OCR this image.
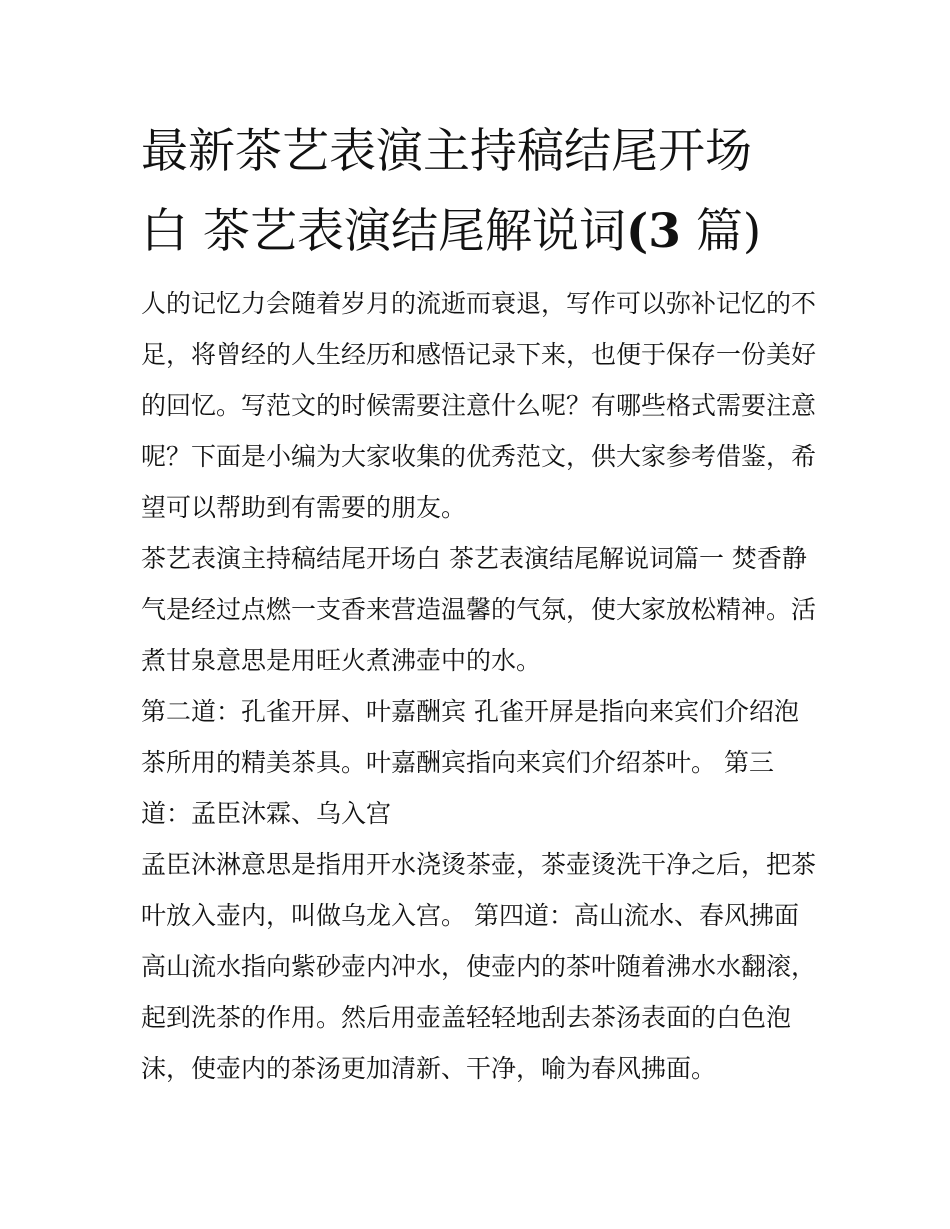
最新茶艺表演主持稿结尾开场
白 茶艺表演结尾解说词(3 篇)

人的记忆力会随着岁月的流逝而衰退，写作可以弥补记忆的不

足，将曾经的人生经历和感悟记录下来，也便于保存一份美好

的回忆。写范文的时候需要注意什么呢？有哪些格式需要注意

呢？下面是小编为大家收集的优秀范文，供大家参考借鉴，希

望可以帮助到有需要的朋友。

茶艺表演主持稿结尾开场白 茶艺表演结尾解说词篇一 焚香静

气是经过点燃一支香来营造温馨的气氛，使大家放松精神。活

煮甘泉意思是用旺火煮沸壶中的水。

第二道：孔雀开屏、叶嘉酬宾 孔雀开屏是指向来宾们介绍泡

茶所用的精美茶具。叶嘉酬宾指向来宾们介绍茶叶。 第三

道：孟臣沐霖、乌入宫

孟臣沐淋意思是指用开水浇烫茶壶，茶壶烫洗干净之后，把茶

叶放入壶内，叫做乌龙入宫。 第四道：高山流水、春风拂面

高山流水指向紫砂壶内冲水，使壶内的茶叶随着沸水水翻滚，

起到洗茶的作用。然后用壶盖轻轻地刮去茶汤表面的白色泡

沫，使壶内的茶汤更加清新、干净，喻为春风拂面。
